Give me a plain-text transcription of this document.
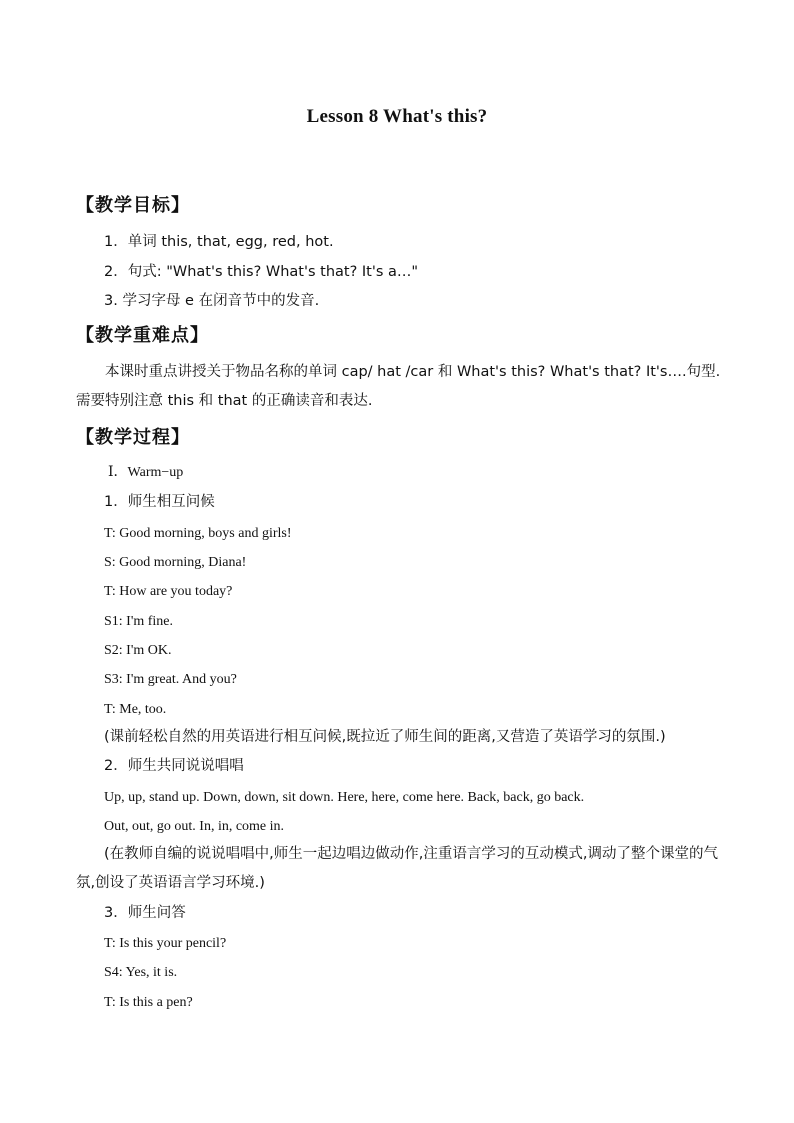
Lesson 8 What's this?
【教学目标】
1．单词 this, that, egg, red, hot.
2．句式: "What's this? What's that? It's a…"
3. 学习字母 e 在闭音节中的发音.
【教学重难点】
本课时重点讲授关于物品名称的单词 cap/ hat /car 和 What's this? What's that? It's….句型.需要特别注意 this 和 that 的正确读音和表达.
【教学过程】
Ⅰ．Warm−up
1．师生相互问候
T: Good morning, boys and girls!
S: Good morning, Diana!
T: How are you today?
S1: I'm fine.
S2: I'm OK.
S3: I'm great. And you?
T: Me, too.
(课前轻松自然的用英语进行相互问候,既拉近了师生间的距离,又营造了英语学习的氛围.)
2．师生共同说说唱唱
Up, up, stand up. Down, down, sit down. Here, here, come here. Back, back, go back.
Out, out, go out. In, in, come in.
(在教师自编的说说唱唱中,师生一起边唱边做动作,注重语言学习的互动模式,调动了整个课堂的气氛,创设了英语语言学习环境.)
3．师生问答
T: Is this your pencil?
S4: Yes, it is.
T: Is this a pen?
